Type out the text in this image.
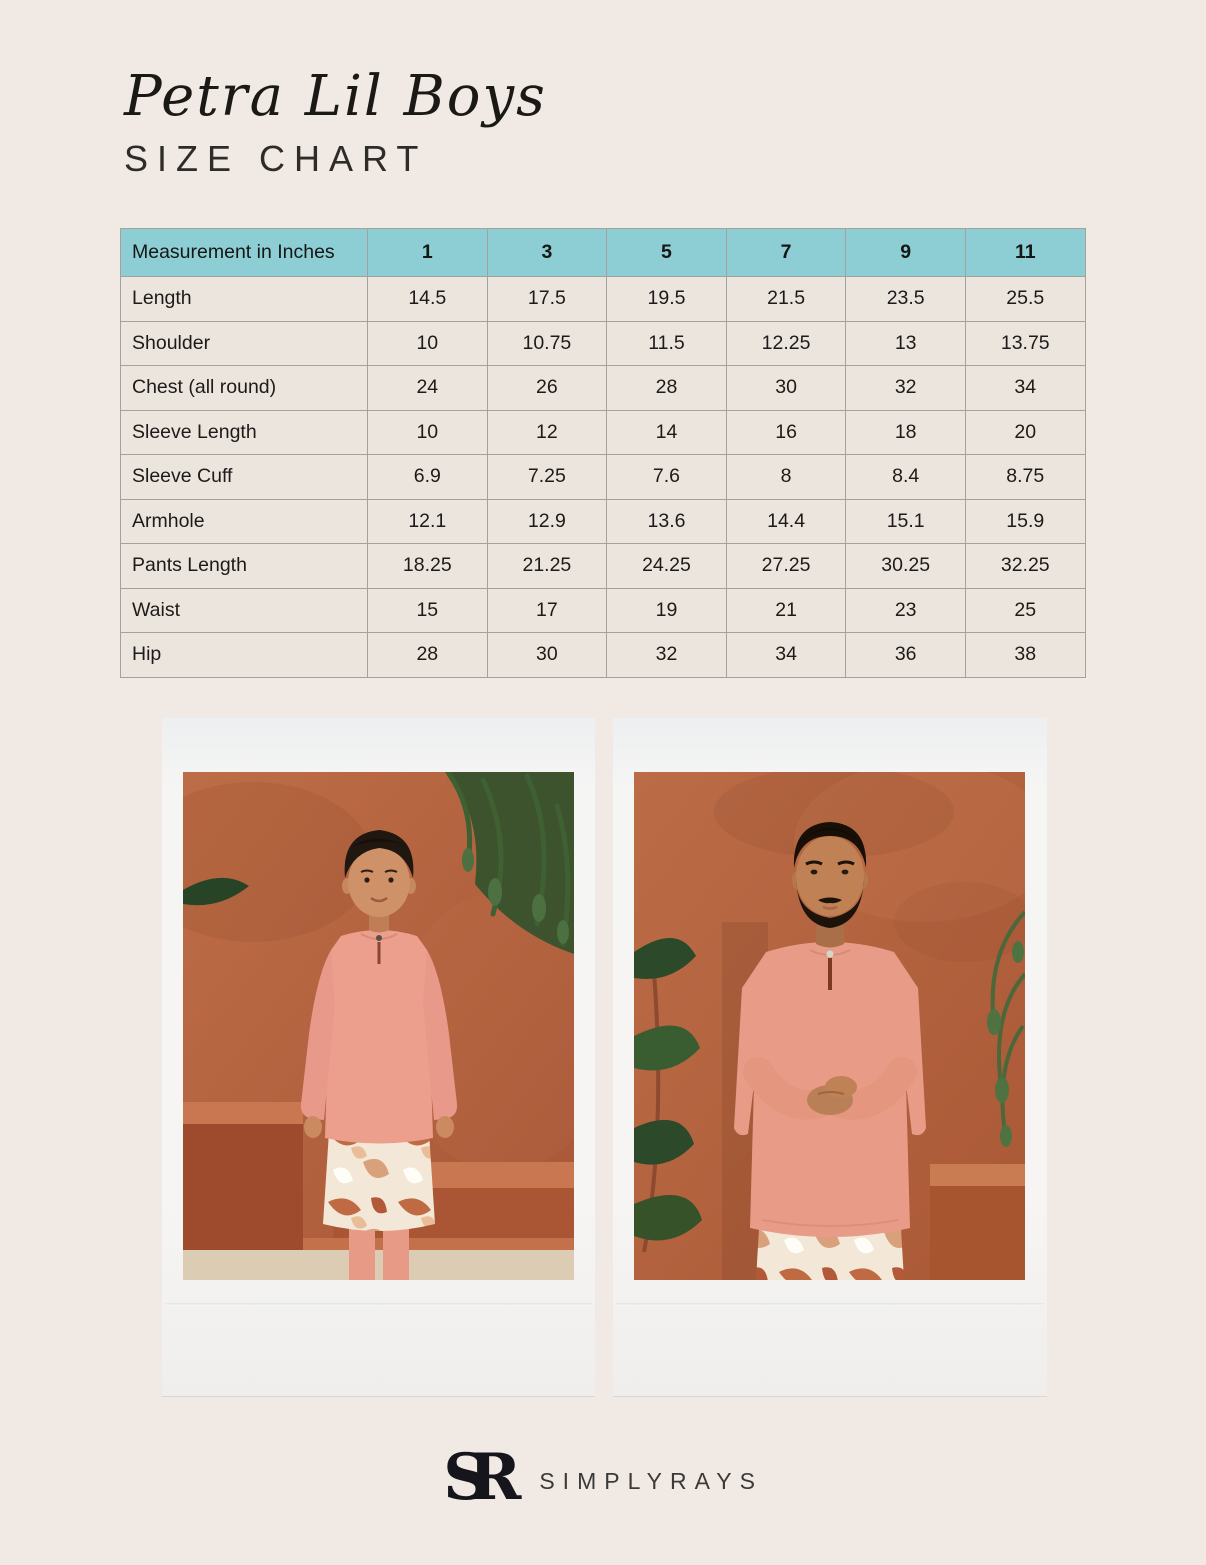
Petra Lil Boys
SIZE CHART
Measurement in Inches	1	3	5	7	9	11
Length	14.5	17.5	19.5	21.5	23.5	25.5
Shoulder	10	10.75	11.5	12.25	13	13.75
Chest (all round)	24	26	28	30	32	34
Sleeve Length	10	12	14	16	18	20
Sleeve Cuff	6.9	7.25	7.6	8	8.4	8.75
Armhole	12.1	12.9	13.6	14.4	15.1	15.9
Pants Length	18.25	21.25	24.25	27.25	30.25	32.25
Waist	15	17	19	21	23	25
Hip	28	30	32	34	36	38
SR	SIMPLYRAYS
